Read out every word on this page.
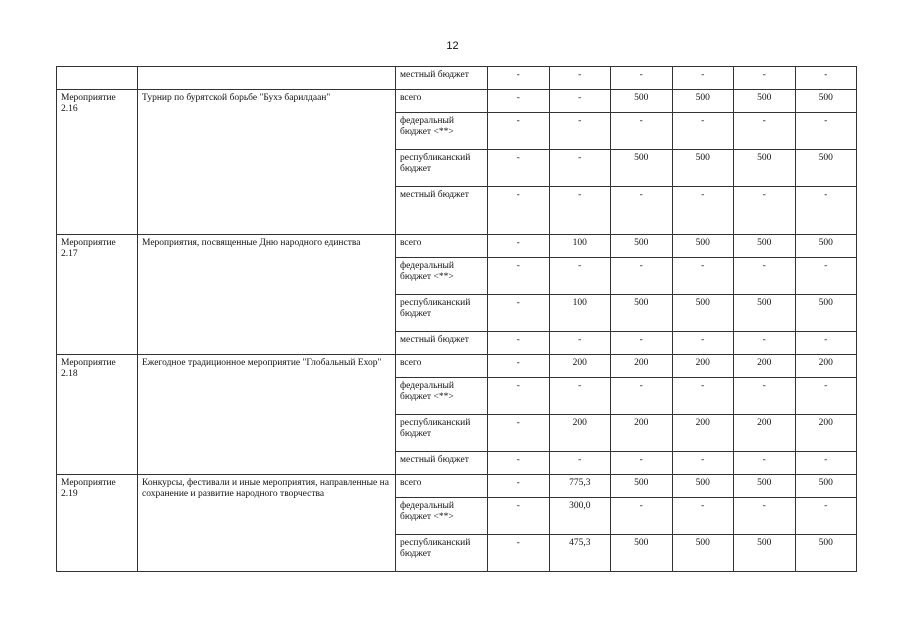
12
		местный бюджет	-	-	-	-	-	-
Мероприятие 2.16	Турнир по бурятской борьбе "Бухэ барилдаан"	всего	-	-	500	500	500	500
		федеральный бюджет <**>	-	-	-	-	-	-
		республиканский бюджет	-	-	500	500	500	500
		местный бюджет	-	-	-	-	-	-
Мероприятие 2.17	Мероприятия, посвященные Дню народного единства	всего	-	100	500	500	500	500
		федеральный бюджет <**>	-	-	-	-	-	-
		республиканский бюджет	-	100	500	500	500	500
		местный бюджет	-	-	-	-	-	-
Мероприятие 2.18	Ежегодное традиционное мероприятие "Глобальный Ехор"	всего	-	200	200	200	200	200
		федеральный бюджет <**>	-	-	-	-	-	-
		республиканский бюджет	-	200	200	200	200	200
		местный бюджет	-	-	-	-	-	-
Мероприятие 2.19	Конкурсы, фестивали и иные мероприятия, направленные на сохранение и развитие народного творчества	всего	-	775,3	500	500	500	500
		федеральный бюджет <**>	-	300,0	-	-	-	-
		республиканский бюджет	-	475,3	500	500	500	500
